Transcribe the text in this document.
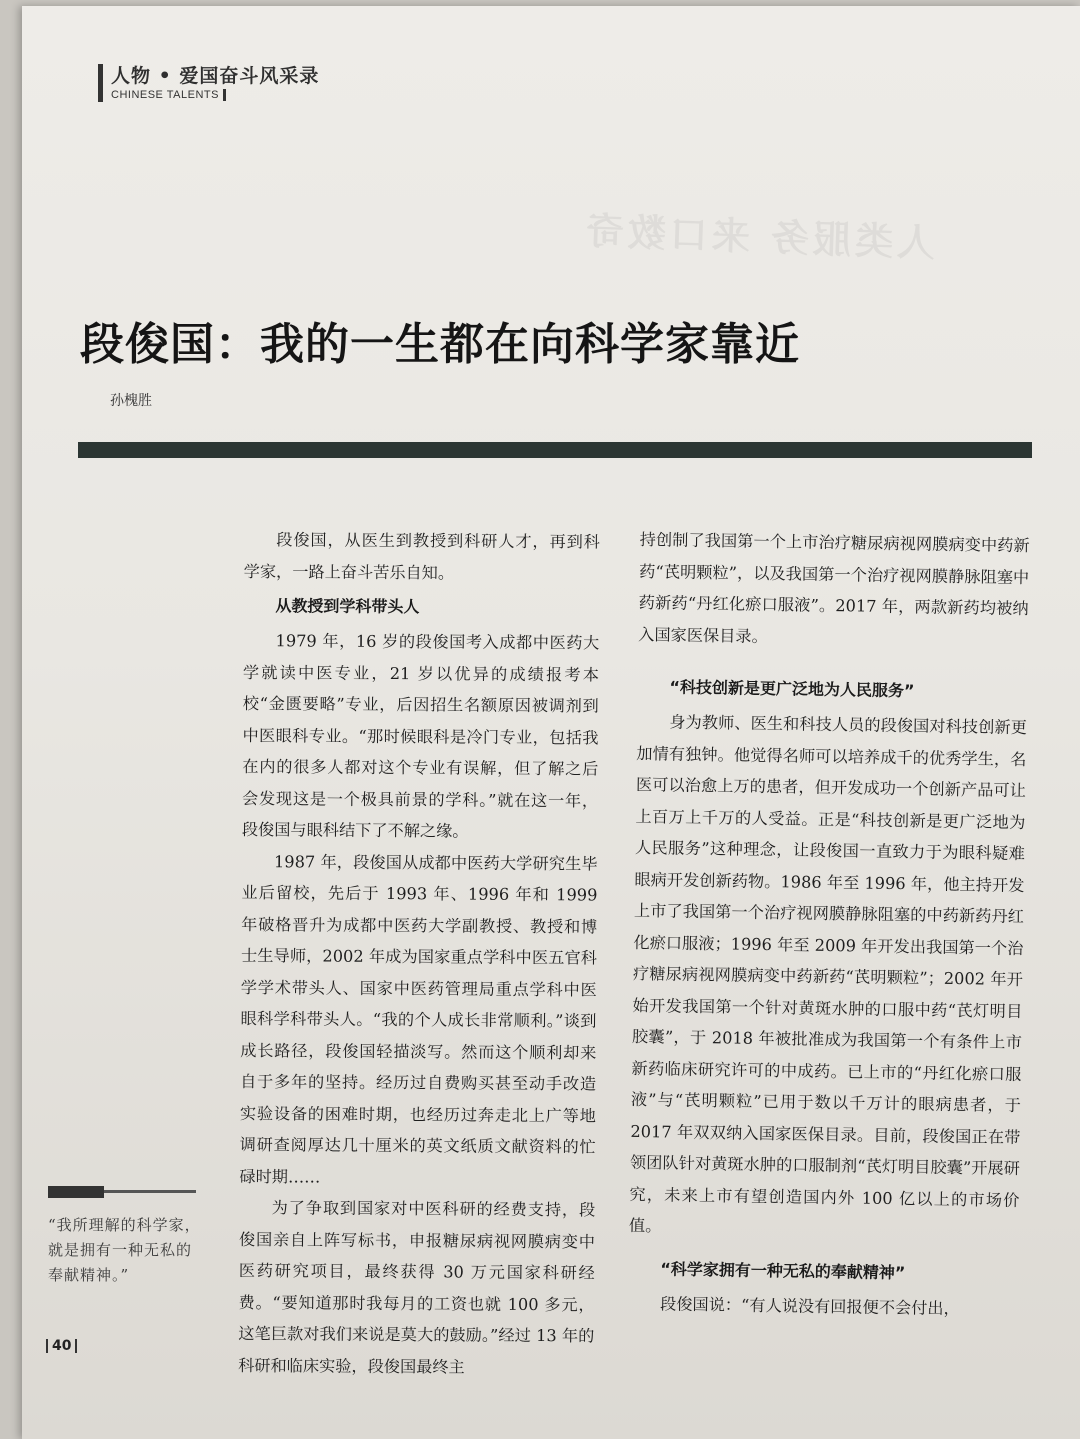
人类服务 来口数奇
人物 • 爱国奋斗风采录
CHINESE TALENTS
段俊国：我的一生都在向科学家靠近
孙槐胜

段俊国，从医生到教授到科研人才，再到科学家，一路上奋斗苦乐自知。

从教授到学科带头人

1979 年，16 岁的段俊国考入成都中医药大学就读中医专业，21 岁以优异的成绩报考本校“金匮要略”专业，后因招生名额原因被调剂到中医眼科专业。“那时候眼科是冷门专业，包括我在内的很多人都对这个专业有误解，但了解之后会发现这是一个极具前景的学科。”就在这一年，段俊国与眼科结下了不解之缘。

1987 年，段俊国从成都中医药大学研究生毕业后留校，先后于 1993 年、1996 年和 1999 年破格晋升为成都中医药大学副教授、教授和博士生导师，2002 年成为国家重点学科中医五官科学学术带头人、国家中医药管理局重点学科中医眼科学科带头人。“我的个人成长非常顺利。”谈到成长路径，段俊国轻描淡写。然而这个顺利却来自于多年的坚持。经历过自费购买甚至动手改造实验设备的困难时期，也经历过奔走北上广等地调研查阅厚达几十厘米的英文纸质文献资料的忙碌时期……

为了争取到国家对中医科研的经费支持，段俊国亲自上阵写标书，申报糖尿病视网膜病变中医药研究项目，最终获得 30 万元国家科研经费。“要知道那时我每月的工资也就 100 多元，这笔巨款对我们来说是莫大的鼓励。”经过 13 年的科研和临床实验，段俊国最终主

持创制了我国第一个上市治疗糖尿病视网膜病变中药新药“芪明颗粒”，以及我国第一个治疗视网膜静脉阻塞中药新药“丹红化瘀口服液”。2017 年，两款新药均被纳入国家医保目录。

“科技创新是更广泛地为人民服务”

身为教师、医生和科技人员的段俊国对科技创新更加情有独钟。他觉得名师可以培养成千的优秀学生，名医可以治愈上万的患者，但开发成功一个创新产品可让上百万上千万的人受益。正是“科技创新是更广泛地为人民服务”这种理念，让段俊国一直致力于为眼科疑难眼病开发创新药物。1986 年至 1996 年，他主持开发上市了我国第一个治疗视网膜静脉阻塞的中药新药丹红化瘀口服液；1996 年至 2009 年开发出我国第一个治疗糖尿病视网膜病变中药新药“芪明颗粒”；2002 年开始开发我国第一个针对黄斑水肿的口服中药“芪灯明目胶囊”，于 2018 年被批准成为我国第一个有条件上市新药临床研究许可的中成药。已上市的“丹红化瘀口服液”与“芪明颗粒”已用于数以千万计的眼病患者，于 2017 年双双纳入国家医保目录。目前，段俊国正在带领团队针对黄斑水肿的口服制剂“芪灯明目胶囊”开展研究，未来上市有望创造国内外 100 亿以上的市场价值。

“科学家拥有一种无私的奉献精神”

段俊国说：“有人说没有回报便不会付出，

“我所理解的科学家，就是拥有一种无私的奉献精神。”
40
